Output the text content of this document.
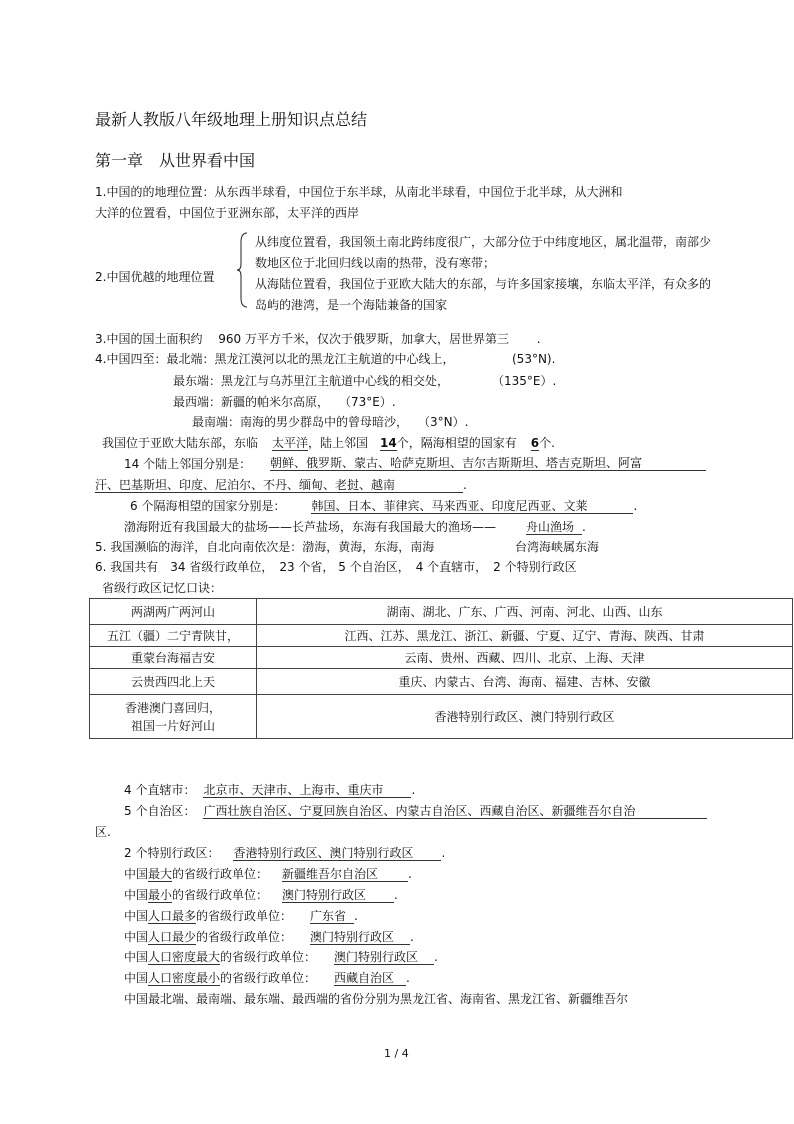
最新人教版八年级地理上册知识点总结
第一章　从世界看中国
1.中国的的地理位置：从东西半球看，中国位于东半球，从南北半球看，中国位于北半球，从大洲和
大洋的位置看，中国位于亚洲东部，太平洋的西岸
2.中国优越的地理位置
从纬度位置看，我国领土南北跨纬度很广，大部分位于中纬度地区，属北温带，南部少
数地区位于北回归线以南的热带，没有寒带；
从海陆位置看，我国位于亚欧大陆大的东部，与许多国家接壤，东临太平洋，有众多的
岛屿的港湾，是一个海陆兼备的国家
3.中国的国土面积约　 960 万平方千米，仅次于俄罗斯，加拿大，居世界第三　　 .
4.中国四至：最北端：黑龙江漠河以北的黑龙江主航道的中心线上，	(53°N).
最东端：黑龙江与乌苏里江主航道中心线的相交处，	（135°E）.
最西端：新疆的帕米尔高原， （73°E）.
最南端：南海的男少群岛中的曾母暗沙， （3°N）.
我国位于亚欧大陆东部，东临 太平洋，陆上邻国 14个，隔海相望的国家有 6个.
14 个陆上邻国分别是： 朝鲜、俄罗斯、蒙古、哈萨克斯坦、吉尔吉斯斯坦、塔吉克斯坦、阿富
汗、巴基斯坦、印度、尼泊尔、不丹、缅甸、老挝、越南	.
6 个隔海相望的国家分别是： 韩国、日本、菲律宾、马来西亚、印度尼西亚、文莱	.
渤海附近有我国最大的盐场——长芦盐场，东海有我国最大的渔场——	舟山渔场 .
5. 我国濒临的海洋，自北向南依次是：渤海，黄海，东海，南海	台湾海峡属东海
6. 我国共有　34 省级行政单位，　23 个省， 5 个自治区，　4 个直辖市，　2 个特别行政区
省级行政区记忆口诀：
两湖两广两河山	湖南、湖北、广东、广西、河南、河北、山西、山东
五江（疆）二宁青陕甘，	江西、江苏、黑龙江、浙江、新疆、宁夏、辽宁、青海、陕西、甘肃
重蒙台海福吉安	云南、贵州、西藏、四川、北京、上海、天津
云贵西四北上天	重庆、内蒙古、台湾、海南、福建、吉林、安徽

香港澳门喜回归，
祖国一片好河山	香港特别行政区、澳门特别行政区
4 个直辖市： 北京市、天津市、上海市、重庆市 .
5 个自治区： 广西壮族自治区、宁夏回族自治区、内蒙古自治区、西藏自治区、新疆维吾尔自治
区.
2 个特别行政区： 香港特别行政区、澳门特别行政区 .
中国最大的省级行政单位： 新疆维吾尔自治区 .
中国最小的省级行政单位： 澳门特别行政区 .
中国人口最多的省级行政单位： 广东省 .
中国人口最少的省级行政单位： 澳门特别行政区 .
中国人口密度最大的省级行政单位： 澳门特别行政区 .
中国人口密度最小的省级行政单位： 西藏自治区 .
中国最北端、最南端、最东端、最西端的省份分别为黑龙江省、海南省、黑龙江省、新疆维吾尔
1 / 4
